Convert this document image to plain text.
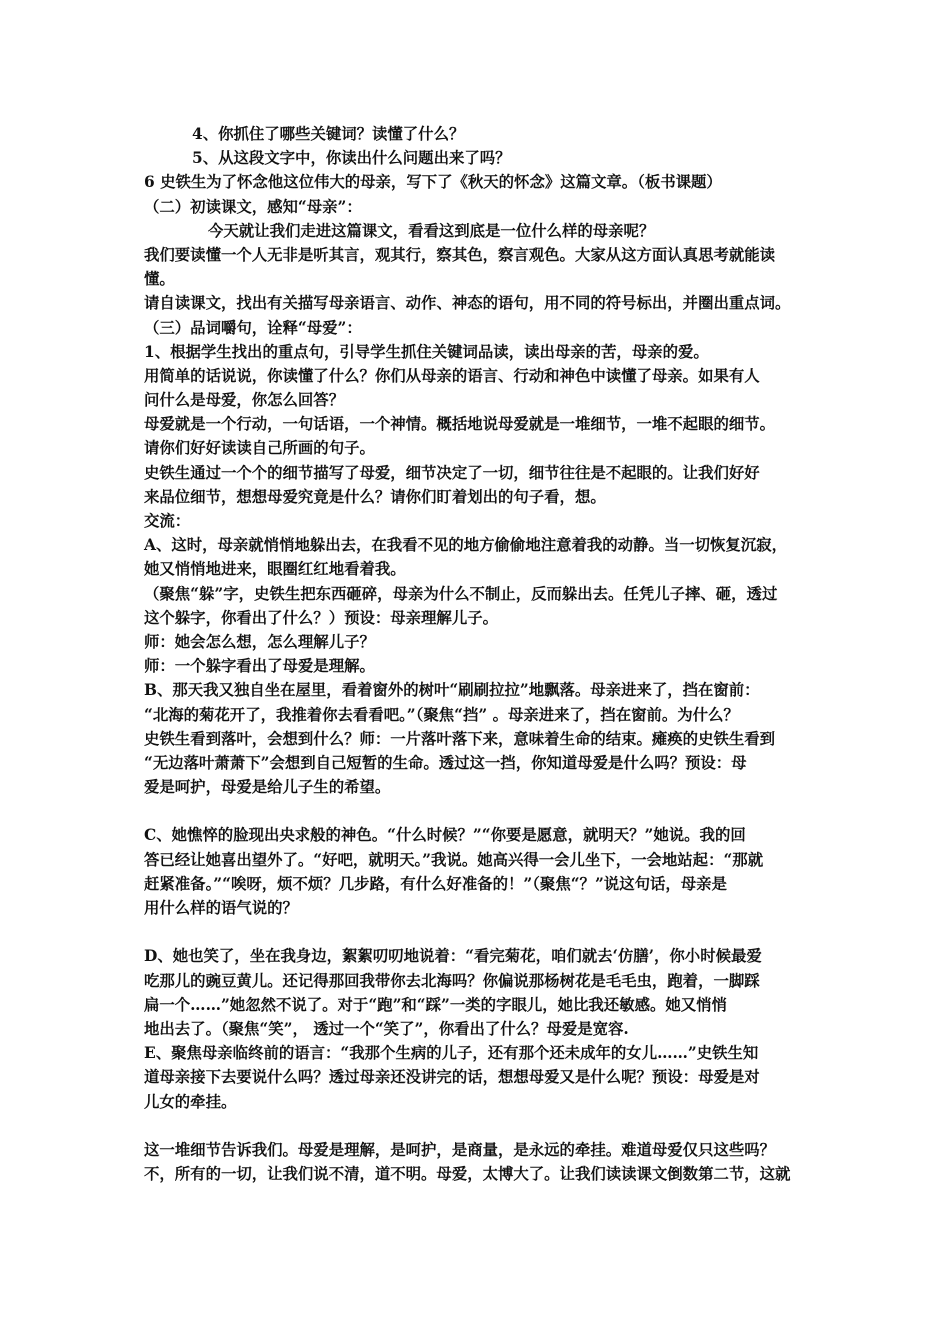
4、你抓住了哪些关键词？读懂了什么？
5、从这段文字中，你读出什么问题出来了吗？
6 史铁生为了怀念他这位伟大的母亲，写下了《秋天的怀念》这篇文章。（板书课题）
（二）初读课文，感知“母亲”：
今天就让我们走进这篇课文，看看这到底是一位什么样的母亲呢？
我们要读懂一个人无非是听其言，观其行，察其色，察言观色。大家从这方面认真思考就能读
懂。
请自读课文，找出有关描写母亲语言、动作、神态的语句，用不同的符号标出，并圈出重点词。
（三）品词嚼句，诠释“母爱”：
1、根据学生找出的重点句，引导学生抓住关键词品读，读出母亲的苦，母亲的爱。
用简单的话说说，你读懂了什么？你们从母亲的语言、行动和神色中读懂了母亲。如果有人
问什么是母爱，你怎么回答？
母爱就是一个行动，一句话语，一个神情。概括地说母爱就是一堆细节，一堆不起眼的细节。
请你们好好读读自己所画的句子。
史铁生通过一个个的细节描写了母爱，细节决定了一切，细节往往是不起眼的。让我们好好
来品位细节，想想母爱究竟是什么？请你们盯着划出的句子看，想。
交流：
A、这时，母亲就悄悄地躲出去，在我看不见的地方偷偷地注意着我的动静。当一切恢复沉寂，
她又悄悄地进来，眼圈红红地看着我。
（聚焦“躲”字，史铁生把东西砸碎，母亲为什么不制止，反而躲出去。任凭儿子摔、砸，透过
这个躲字，你看出了什么？）预设：母亲理解儿子。
师：她会怎么想，怎么理解儿子？
师：一个躲字看出了母爱是理解。
B、那天我又独自坐在屋里，看着窗外的树叶“刷刷拉拉”地飘落。母亲进来了，挡在窗前：
“北海的菊花开了，我推着你去看看吧。”（聚焦“挡” 。母亲进来了，挡在窗前。为什么？
史铁生看到落叶，会想到什么？师：一片落叶落下来，意味着生命的结束。瘫痪的史铁生看到
“无边落叶萧萧下”会想到自己短暂的生命。透过这一挡，你知道母爱是什么吗？预设：母
爱是呵护，母爱是给儿子生的希望。
C、她憔悴的脸现出央求般的神色。“什么时候？”“你要是愿意，就明天？”她说。我的回
答已经让她喜出望外了。“好吧，就明天。”我说。她高兴得一会儿坐下，一会地站起：“那就
赶紧准备。”“唉呀，烦不烦？几步路，有什么好准备的！”（聚焦“？”说这句话，母亲是
用什么样的语气说的？
D、她也笑了，坐在我身边，絮絮叨叨地说着：“看完菊花，咱们就去‘仿膳’，你小时候最爱
吃那儿的豌豆黄儿。还记得那回我带你去北海吗？你偏说那杨树花是毛毛虫，跑着，一脚踩
扁一个……”她忽然不说了。对于“跑”和“踩”一类的字眼儿，她比我还敏感。她又悄悄
地出去了。（聚焦“笑”， 透过一个“笑了”，你看出了什么？母爱是宽容.
E、聚焦母亲临终前的语言：“我那个生病的儿子，还有那个还未成年的女儿……”史铁生知
道母亲接下去要说什么吗？透过母亲还没讲完的话，想想母爱又是什么呢？预设：母爱是对
儿女的牵挂。
这一堆细节告诉我们。母爱是理解，是呵护，是商量，是永远的牵挂。难道母爱仅只这些吗？
不，所有的一切，让我们说不清，道不明。母爱，太博大了。让我们读读课文倒数第二节，这就
